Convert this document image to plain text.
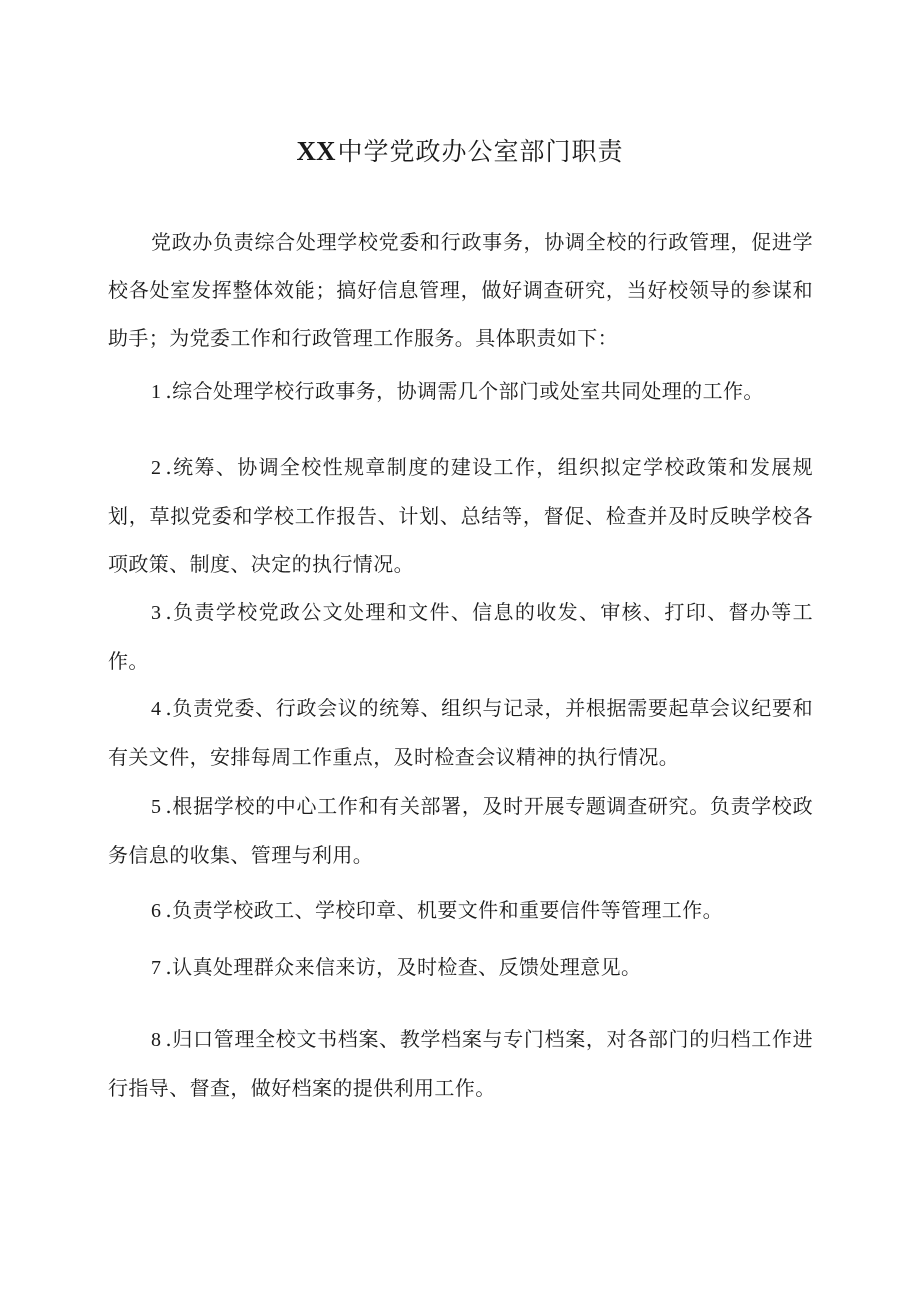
XX中学党政办公室部门职责

党政办负责综合处理学校党委和行政事务，协调全校的行政管理，促进学校各处室发挥整体效能；搞好信息管理，做好调查研究，当好校领导的参谋和助手；为党委工作和行政管理工作服务。具体职责如下：

1 .综合处理学校行政事务，协调需几个部门或处室共同处理的工作。

2 .统筹、协调全校性规章制度的建设工作，组织拟定学校政策和发展规划，草拟党委和学校工作报告、计划、总结等，督促、检查并及时反映学校各项政策、制度、决定的执行情况。

3 .负责学校党政公文处理和文件、信息的收发、审核、打印、督办等工作。

4 .负责党委、行政会议的统筹、组织与记录，并根据需要起草会议纪要和有关文件，安排每周工作重点，及时检查会议精神的执行情况。

5 .根据学校的中心工作和有关部署，及时开展专题调查研究。负责学校政务信息的收集、管理与利用。

6 .负责学校政工、学校印章、机要文件和重要信件等管理工作。

7 .认真处理群众来信来访，及时检查、反馈处理意见。

8 .归口管理全校文书档案、教学档案与专门档案，对各部门的归档工作进行指导、督查，做好档案的提供利用工作。
